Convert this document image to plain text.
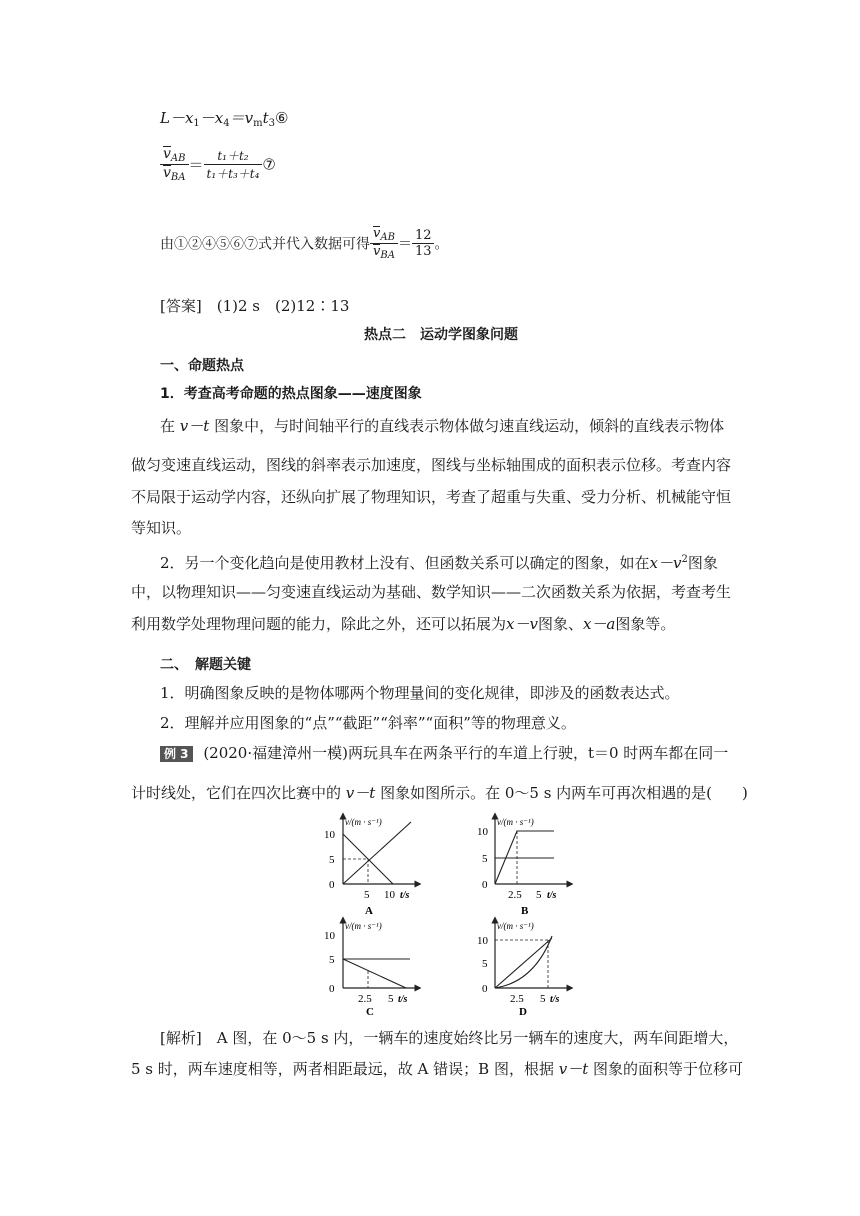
$L-x_1-x_4=v_mt_3⑥$
$\frac{v_{AB}}{v_{BA}} = \frac{\text{t₁＋t₂}}{\text{t₁＋t₃＋t₄}}$ ⑦
由①②④⑤⑥⑦式并代入数据可得 $\frac{v_{AB}}{v_{BA}} = \frac{12}{13}$ 。
[答案]　 (1)2 s　(2)12∶13
热点二　运动学图象问题
一、命题热点
1．考查高考命题的热点图象——速度图象
在 v－t 图象中，与时间轴平行的直线表示物体做匀速直线运动，倾斜的直线表示物体
做匀变速直线运动，图线的斜率表示加速度，图线与坐标轴围成的面积表示位移。考查内容
不局限于运动学内容，还纵向扩展了物理知识，考查了超重与失重、受力分析、机械能守恒
等知识。
2．另一个变化趋向是使用教材上没有、但函数关系可以确定的图象，如在$x-v^2$图象
中，以物理知识——匀变速直线运动为基础、数学知识——二次函数关系为依据，考查考生
利用数学处理物理问题的能力，除此之外，还可以拓展为x－v图象、x－a图象等。
二、　解题关键
1．明确图象反映的是物体哪两个物理量间的变化规律，即涉及的函数表达式。
2．理解并应用图象的“点”“截距”“斜率”“面积”等的物理意义。
例 3 (2020·福建漳州一模)两玩具车在两条平行的车道上行驶，t＝0 时两车都在同一
计时线处，它们在四次比赛中的 v－t 图象如图所示。在 0～5 s 内两车可再次相遇的是(　　)
v/(m · s⁻¹)
10
5
0
5 10 t/s
A
v/(m · s⁻¹)
10
5
0
2.5 5 t/s
B
v/(m · s⁻¹)
10
5
0
2.5 5 t/s
C
v/(m · s⁻¹)
10
5
0
2.5 5 t/s
D
[解析]　A 图，在 0～5 s 内，一辆车的速度始终比另一辆车的速度大，两车间距增大，
5 s 时，两车速度相等，两者相距最远，故 A 错误；B 图，根据 v－t 图象的面积等于位移可
